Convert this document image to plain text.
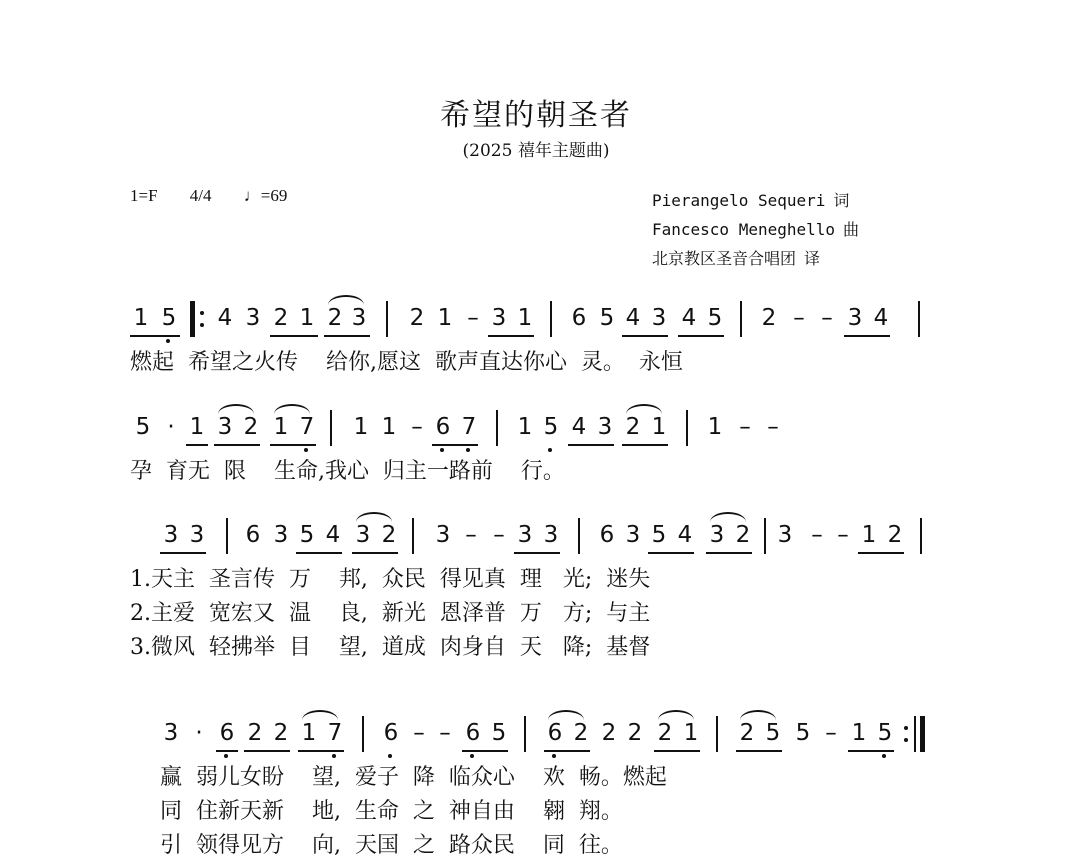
希望的朝圣者
(2025 禧年主题曲)
1=F 4/4 ♩=69	Pierangelo Sequeri 词
Fancesco Meneghello 曲
北京教区圣音合唱团 译
1 5 4 3 2 1 2 3 2 1 – 3 1 6 5 4 3 4 5 2 – – 3 4
燃起  希望之火传    给你,愿这  歌声直达你心  灵。  永恒
5 · 1 3 2 1 7 1 1 – 6 7 1 5 4 3 2 1 1 – –
孕  育无  限    生命,我心  归主一路前    行。
3 3 6 3 5 4 3 2 3 – – 3 3 6 3 5 4 3 2 3 – – 1 2
1.天主  圣言传  万    邦,  众民  得见真  理   光;  迷失
2.主爱  宽宏又  温    良,  新光  恩泽普  万   方;  与主
3.微风  轻拂举  目    望,  道成  肉身自  天   降;  基督
3 · 6 2 2 1 7 6 – – 6 5 6 2 2 2 2 1 2 5 5 – 1 5
赢  弱儿女盼    望,  爱子  降  临众心    欢  畅。燃起
同  住新天新    地,  生命  之  神自由    翱  翔。
引  领得见方    向,  天国  之  路众民    同  往。
